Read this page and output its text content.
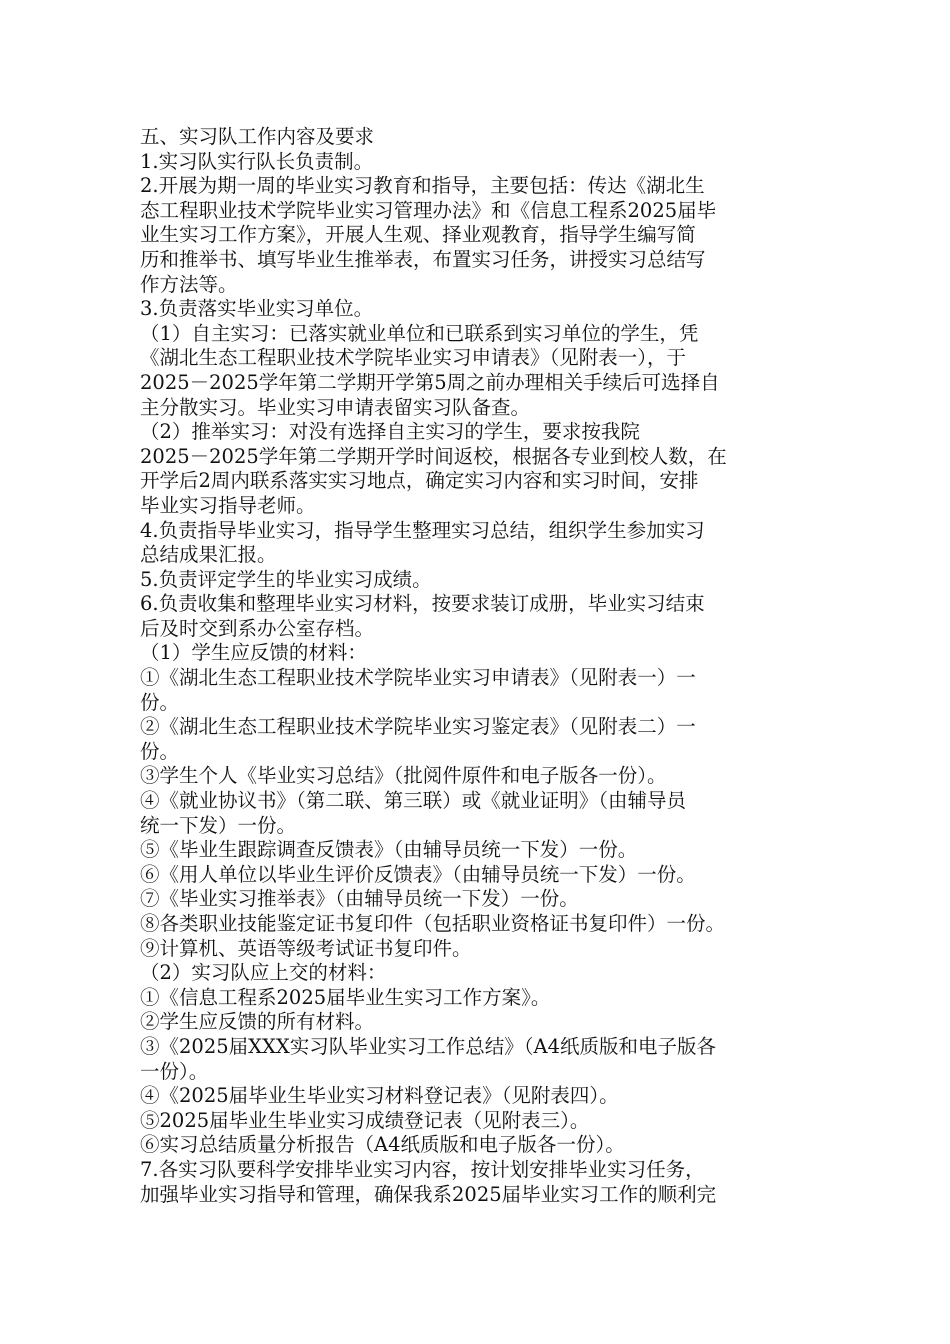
五、实习队工作内容及要求
1.实习队实行队长负责制。
2.开展为期一周的毕业实习教育和指导，主要包括：传达《湖北生
态工程职业技术学院毕业实习管理办法》和《信息工程系2025届毕
业生实习工作方案》，开展人生观、择业观教育，指导学生编写简
历和推举书、填写毕业生推举表，布置实习任务，讲授实习总结写
作方法等。
3.负责落实毕业实习单位。
（1）自主实习：已落实就业单位和已联系到实习单位的学生，凭
《湖北生态工程职业技术学院毕业实习申请表》（见附表一），于
2025－2025学年第二学期开学第5周之前办理相关手续后可选择自
主分散实习。毕业实习申请表留实习队备查。
（2）推举实习：对没有选择自主实习的学生，要求按我院
2025－2025学年第二学期开学时间返校，根据各专业到校人数，在
开学后2周内联系落实实习地点，确定实习内容和实习时间，安排
毕业实习指导老师。
4.负责指导毕业实习，指导学生整理实习总结，组织学生参加实习
总结成果汇报。
5.负责评定学生的毕业实习成绩。
6.负责收集和整理毕业实习材料，按要求装订成册，毕业实习结束
后及时交到系办公室存档。
（1）学生应反馈的材料：
①《湖北生态工程职业技术学院毕业实习申请表》（见附表一）一
份。
②《湖北生态工程职业技术学院毕业实习鉴定表》（见附表二）一
份。
③学生个人《毕业实习总结》（批阅件原件和电子版各一份）。
④《就业协议书》（第二联、第三联）或《就业证明》（由辅导员
统一下发）一份。
⑤《毕业生跟踪调查反馈表》（由辅导员统一下发）一份。
⑥《用人单位以毕业生评价反馈表》（由辅导员统一下发）一份。
⑦《毕业实习推举表》（由辅导员统一下发）一份。
⑧各类职业技能鉴定证书复印件（包括职业资格证书复印件）一份。
⑨计算机、英语等级考试证书复印件。
（2）实习队应上交的材料：
①《信息工程系2025届毕业生实习工作方案》。
②学生应反馈的所有材料。
③《2025届XXX实习队毕业实习工作总结》（A4纸质版和电子版各
一份）。
④《2025届毕业生毕业实习材料登记表》（见附表四）。
⑤2025届毕业生毕业实习成绩登记表（见附表三）。
⑥实习总结质量分析报告（A4纸质版和电子版各一份）。
7.各实习队要科学安排毕业实习内容，按计划安排毕业实习任务，
加强毕业实习指导和管理，确保我系2025届毕业实习工作的顺利完
